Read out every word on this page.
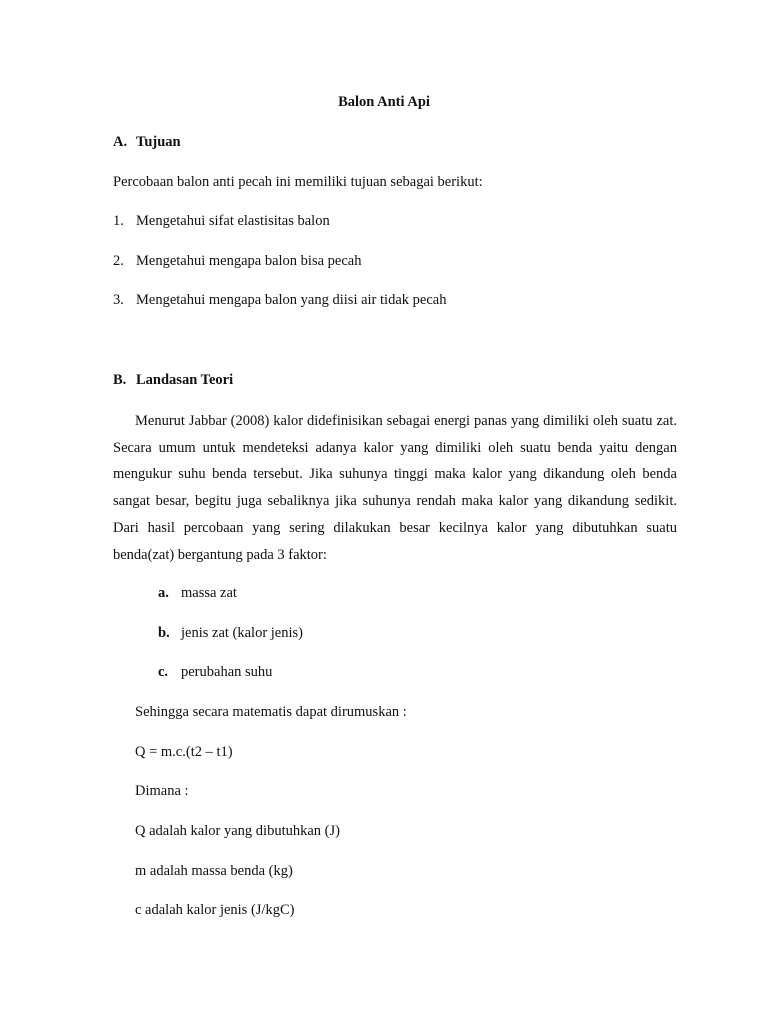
Balon Anti Api
A. Tujuan
Percobaan balon anti pecah ini memiliki tujuan sebagai berikut:
1. Mengetahui sifat elastisitas balon
2. Mengetahui mengapa balon bisa pecah
3. Mengetahui mengapa balon yang diisi air tidak pecah
B. Landasan Teori
Menurut Jabbar (2008) kalor didefinisikan sebagai energi panas yang dimiliki oleh suatu zat. Secara umum untuk mendeteksi adanya kalor yang dimiliki oleh suatu benda yaitu dengan mengukur suhu benda tersebut. Jika suhunya tinggi maka kalor yang dikandung oleh benda sangat besar, begitu juga sebaliknya jika suhunya rendah maka kalor yang dikandung sedikit. Dari hasil percobaan yang sering dilakukan besar kecilnya kalor yang dibutuhkan suatu benda(zat) bergantung pada 3 faktor:
a. massa zat
b. jenis zat (kalor jenis)
c. perubahan suhu
Sehingga secara matematis dapat dirumuskan :
Q = m.c.(t2 – t1)
Dimana :
Q adalah kalor yang dibutuhkan (J)
m adalah massa benda (kg)
c adalah kalor jenis (J/kgC)
